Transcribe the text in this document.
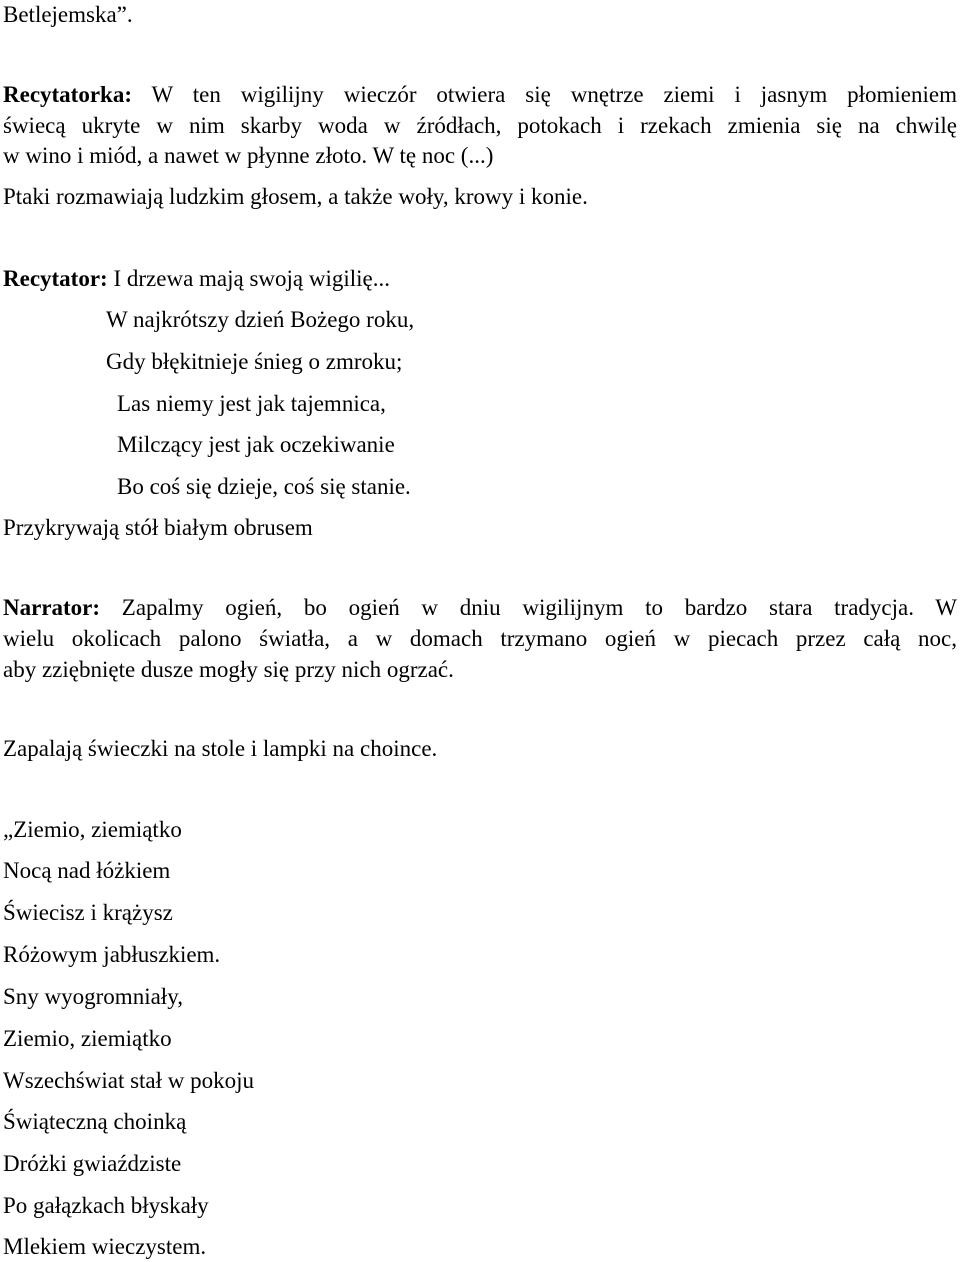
Betlejemska”.
Recytatorka: W ten wigilijny wieczór otwiera się wnętrze ziemi i jasnym płomieniem
świecą ukryte w nim skarby woda w źródłach, potokach i rzekach zmienia się na chwilę
w wino i miód, a nawet w płynne złoto. W tę noc (...)
Ptaki rozmawiają ludzkim głosem, a także woły, krowy i konie.
Recytator: I drzewa mają swoją wigilię...
W najkrótszy dzień Bożego roku,
Gdy błękitnieje śnieg o zmroku;
Las niemy jest jak tajemnica,
Milczący jest jak oczekiwanie
Bo coś się dzieje, coś się stanie.
Przykrywają stół białym obrusem
Narrator: Zapalmy ogień, bo ogień w dniu wigilijnym to bardzo stara tradycja. W
wielu okolicach palono światła, a w domach trzymano ogień w piecach przez całą noc,
aby zziębnięte dusze mogły się przy nich ogrzać.
Zapalają świeczki na stole i lampki na choince.
„Ziemio, ziemiątko
Nocą nad łóżkiem
Świecisz i krążysz
Różowym jabłuszkiem.
Sny wyogromniały,
Ziemio, ziemiątko
Wszechświat stał w pokoju
Świąteczną choinką
Dróżki gwiaździste
Po gałązkach błyskały
Mlekiem wieczystem.
